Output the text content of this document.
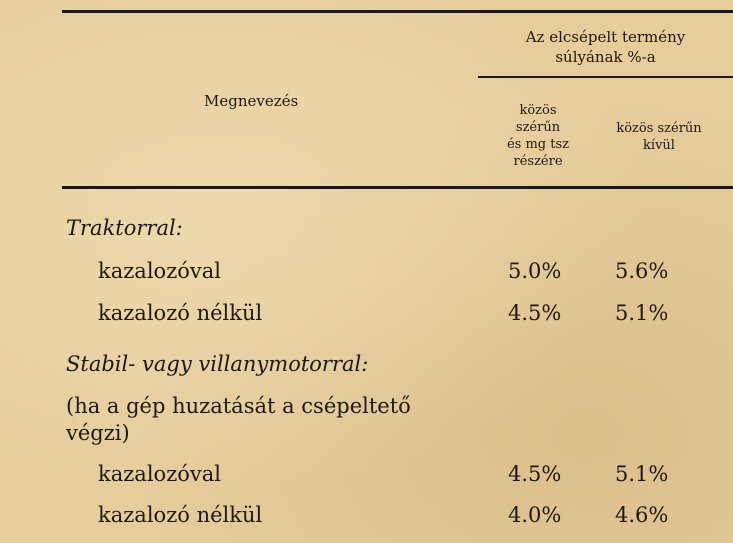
Megnevezés
Az elcsépelt termény
súlyának %-a
közös
szérűn
és mg tsz
részére
közös szérűn
kívül
Traktorral:
kazalozóval	5.0%	5.6%
kazalozó nélkül	4.5%	5.1%
Stabil- vagy villanymotorral:
(ha a gép huzatását a csépeltető
végzi)
kazalozóval	4.5%	5.1%
kazalozó nélkül	4.0%	4.6%
